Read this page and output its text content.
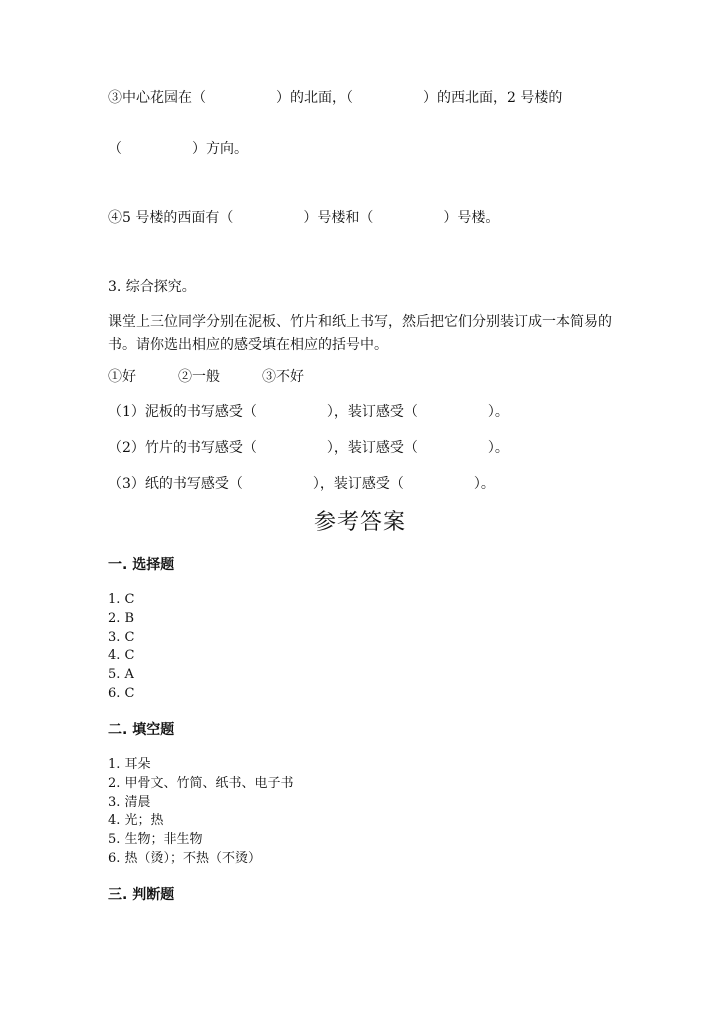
③中心花园在（　　　　　）的北面，（　　　　　）的西北面，2 号楼的
（　　　　　）方向。
④5 号楼的西面有（　　　　　）号楼和（　　　　　）号楼。
3. 综合探究。
课堂上三位同学分别在泥板、竹片和纸上书写，然后把它们分别装订成一本简易的书。请你选出相应的感受填在相应的括号中。
①好　　　②一般　　　③不好
（1）泥板的书写感受（　　　　　），装订感受（　　　　　）。
（2）竹片的书写感受（　　　　　），装订感受（　　　　　）。
（3）纸的书写感受（　　　　　），装订感受（　　　　　）。
参考答案
一. 选择题
1. C
2. B
3. C
4. C
5. A
6. C
二. 填空题
1. 耳朵
2. 甲骨文、竹简、纸书、电子书
3. 清晨
4. 光；热
5. 生物；非生物
6. 热（烫）；不热（不烫）
三. 判断题
